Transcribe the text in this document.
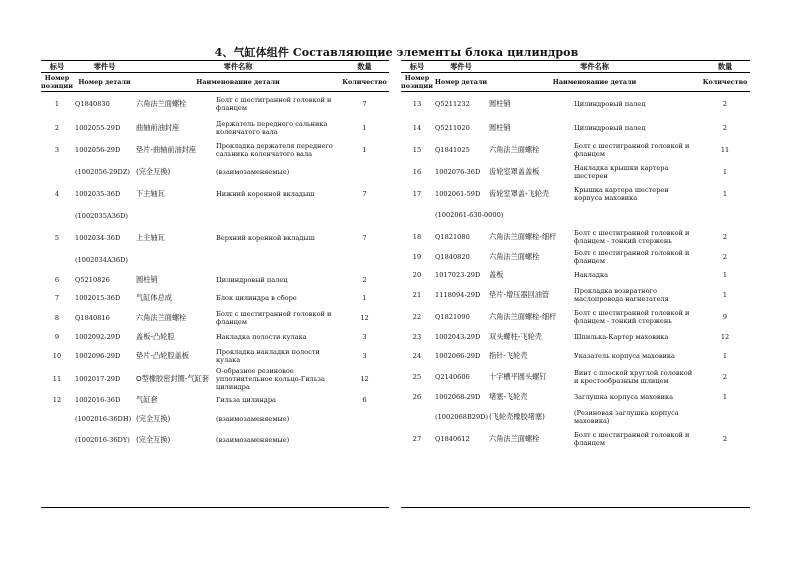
4、气缸体组件 Составляющие элементы блока цилиндров
标号	零件号	零件名称		数量
Номер позиции	Номер детали	Наименование детали		Количество
1	Q1840830	六角法兰面螺栓	Болт с шестигранной головкой и фланцем	7
2	1002055-29D	曲轴前油封座	Держатель переднего сальника коленчатого вала	1
3	1002056-29D	垫片-曲轴前油封座	Прокладка держателя переднего сальника коленчатого вала	1
	(1002056-29DZ)	(完全互换)	(взаимозаменяемые)	
4	1002035-36D	下主轴瓦	Нижний коренной вкладыш	7
	(1002035A36D)			
5	1002034-36D	上主轴瓦	Верхний коренной вкладыш	7
	(1002034A36D)			
6	Q5210826	圆柱销	Цилиндровый палец	2
7	1002015-36D	气缸体总成	Блок цилиндра в сборе	1
8	Q1840816	六角法兰面螺栓	Болт с шестигранной головкой и фланцем	12
9	1002092-29D	盖板-凸轮腔	Накладка полости кулака	3
10	1002096-29D	垫片-凸轮腔盖板	Прокладка накладки полости кулака	3
11	1002017-29D	O型橡胶密封圈-气缸套	О-образное резиновое уплотнительное кольцо-Гильза цилиндра	12
12	1002016-36D	气缸套	Гильза цилиндра	6
	(1002016-36DH)	(完全互换)	(взаимозаменяемые)	
	(1002016-36DY)	(完全互换)	(взаимозаменяемые)	
标号	零件号	零件名称		数量
Номер позиции	Номер детали	Наименование детали		Количество
13	Q5211232	圆柱销	Цилиндровый палец	2
14	Q5211020	圆柱销	Цилиндровый палец	2
15	Q1841025	六角法兰面螺栓	Болт с шестигранной головкой и фланцем	11
16	1002076-36D	齿轮室罩盖盖板	Накладка крышки картера шестерен	1
17	1002061-59D	齿轮室罩盖-飞轮壳	Крышка картера шестерен корпуса маховика	1
	(1002061-630-0000)			
18	Q1821080	六角法兰面螺栓-细杆	Болт с шестигранной головкой и фланцем - тонкий стержень	2
19	Q1840820	六角法兰面螺栓	Болт с шестигранной головкой и фланцем	2
20	1017023-29D	盖板	Накладка	1
21	1118094-29D	垫片-增压器回油管	Прокладка возвратного маслопровода нагнетателя	1
22	Q1821090	六角法兰面螺栓-细杆	Болт с шестигранной головкой и фланцем - тонкий стержень	9
23	1002043-29D	双头螺柱-飞轮壳	Шпилька-Картер маховика	12
24	1002066-29D	指针-飞轮壳	Указатель корпуса маховика	1
25	Q2140606	十字槽平圆头螺钉	Винт с плоской круглой головкой и крестообразным шлицем	2
26	1002068-29D	堵塞-飞轮壳	Заглушка корпуса маховика	1
	(1002068B29D)	(飞轮壳橡胶堵塞)	(Резиновая заглушка корпуса маховика)	
27	Q1840612	六角法兰面螺栓	Болт с шестигранной головкой и фланцем	2
